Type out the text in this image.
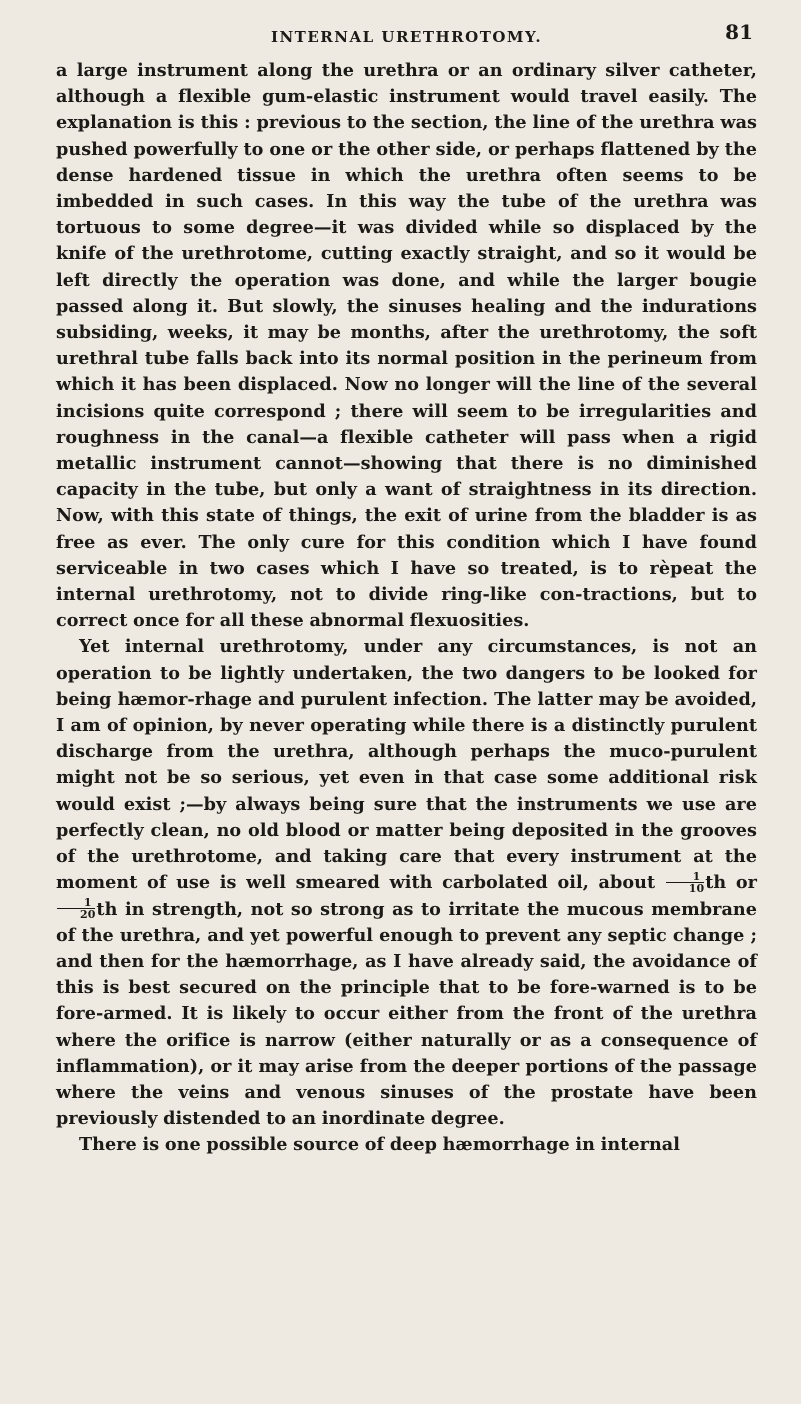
INTERNAL URETHROTOMY.	81

a large instrument along the urethra or an ordinary silver catheter, although a flexible gum-elastic instrument would travel easily. The explanation is this : previous to the section, the line of the urethra was pushed powerfully to one or the other side, or perhaps flattened by the dense hardened tissue in which the urethra often seems to be imbedded in such cases. In this way the tube of the urethra was tortuous to some degree—it was divided while so displaced by the knife of the urethrotome, cutting exactly straight, and so it would be left directly the operation was done, and while the larger bougie passed along it. But slowly, the sinuses healing and the indurations subsiding, weeks, it may be months, after the urethrotomy, the soft urethral tube falls back into its normal position in the perineum from which it has been displaced. Now no longer will the line of the several incisions quite correspond ; there will seem to be irregularities and roughness in the canal—a flexible catheter will pass when a rigid metallic instrument cannot—showing that there is no diminished capacity in the tube, but only a want of straightness in its direction. Now, with this state of things, the exit of urine from the bladder is as free as ever. The only cure for this condition which I have found serviceable in two cases which I have so treated, is to rèpeat the internal urethrotomy, not to divide ring-like con-tractions, but to correct once for all these abnormal flexuosities.

Yet internal urethrotomy, under any circumstances, is not an operation to be lightly undertaken, the two dangers to be looked for being hæmor-rhage and purulent infection. The latter may be avoided, I am of opinion, by never operating while there is a distinctly purulent discharge from the urethra, although perhaps the muco-purulent might not be so serious, yet even in that case some additional risk would exist ;—by always being sure that the instruments we use are perfectly clean, no old blood or matter being deposited in the grooves of the urethrotome, and taking care that every instrument at the moment of use is well smeared with carbolated oil, about $\frac{1}{10}$ th or
$\frac{1}{20}$ th in strength, not so strong as to irritate the mucous membrane of the urethra, and yet powerful enough to prevent any septic change ; and then for the hæmorrhage, as I have already said, the avoidance of this is best secured on the principle that to be fore-warned is to be fore-armed. It is likely to occur either from the front of the urethra where the orifice is narrow (either naturally or as a consequence of inflammation), or it may arise from the deeper portions of the passage where the veins and venous sinuses of the prostate have been previously distended to an inordinate degree.

There is one possible source of deep hæmorrhage in internal
